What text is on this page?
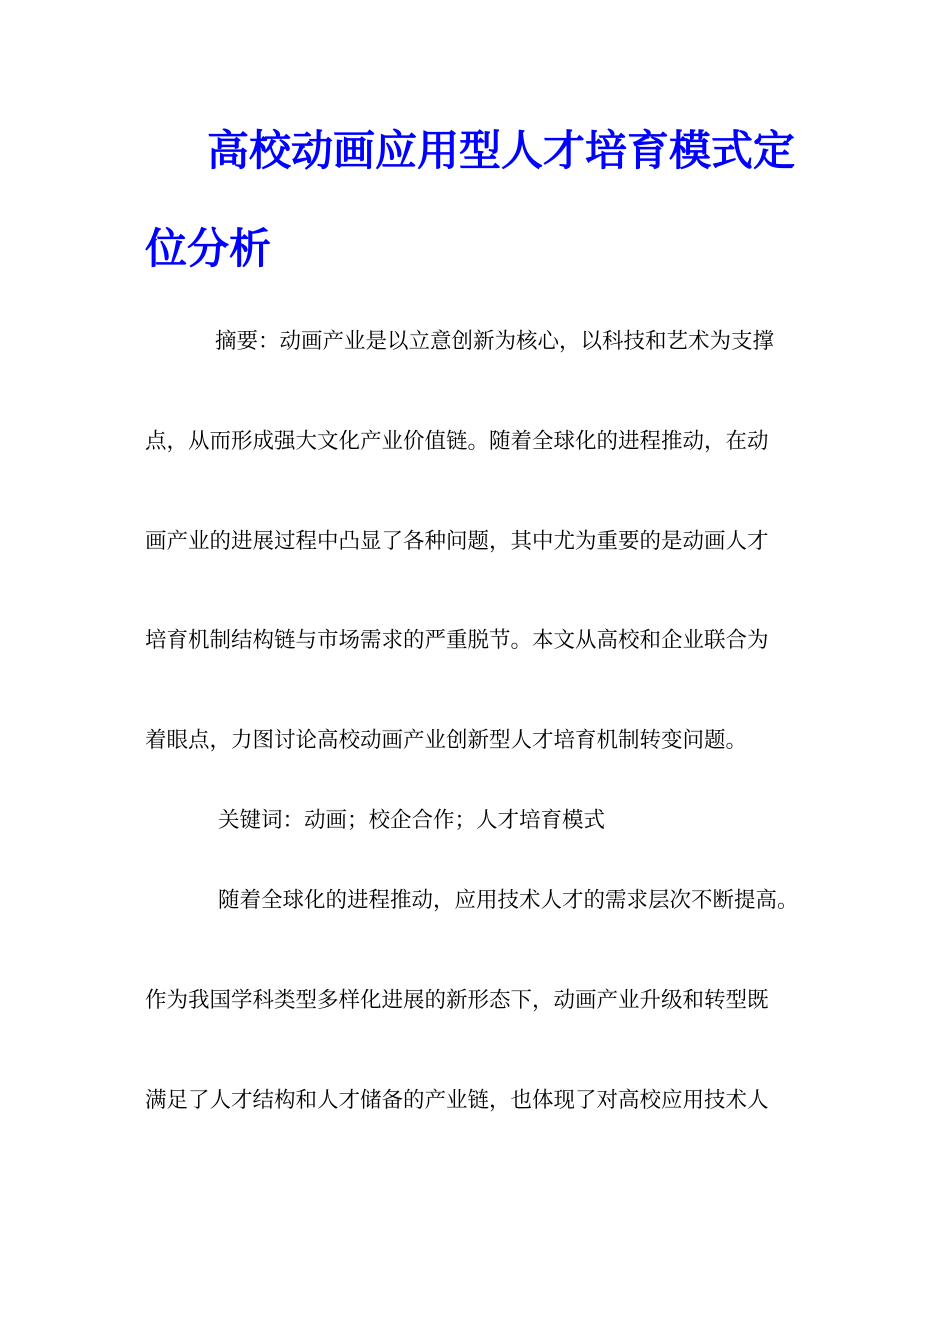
高校动画应用型人才培育模式定
位分析
摘要：动画产业是以立意创新为核心，以科技和艺术为支撑
点，从而形成强大文化产业价值链。随着全球化的进程推动，在动
画产业的进展过程中凸显了各种问题，其中尤为重要的是动画人才
培育机制结构链与市场需求的严重脱节。本文从高校和企业联合为
着眼点，力图讨论高校动画产业创新型人才培育机制转变问题。
关键词：动画；校企合作；人才培育模式
随着全球化的进程推动，应用技术人才的需求层次不断提高。
作为我国学科类型多样化进展的新形态下，动画产业升级和转型既
满足了人才结构和人才储备的产业链，也体现了对高校应用技术人
